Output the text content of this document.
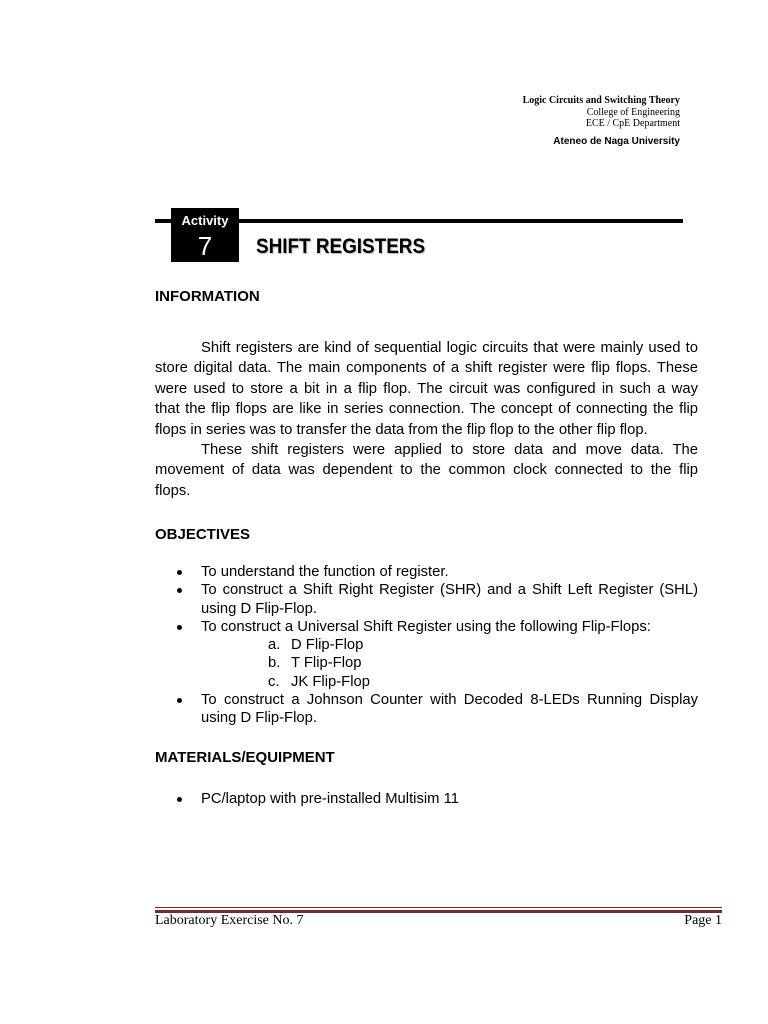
Logic Circuits and Switching Theory
College of Engineering
ECE / CpE Department
Ateneo de Naga University
Activity
7	SHIFT REGISTERS
INFORMATION
Shift registers are kind of sequential logic circuits that were mainly used to
store digital data. The main components of a shift register were flip flops. These
were used to store a bit in a flip flop. The circuit was configured in such a way
that the flip flops are like in series connection. The concept of connecting the flip
flops in series was to transfer the data from the flip flop to the other flip flop.
These shift registers were applied to store data and move data. The
movement of data was dependent to the common clock connected to the flip
flops.
OBJECTIVES
To understand the function of register.
To construct a Shift Right Register (SHR) and a Shift Left Register (SHL)
using D Flip-Flop.
To construct a Universal Shift Register using the following Flip-Flops:
a. D Flip-Flop
b. T Flip-Flop
c. JK Flip-Flop
To construct a Johnson Counter with Decoded 8-LEDs Running Display
using D Flip-Flop.
MATERIALS/EQUIPMENT
PC/laptop with pre-installed Multisim 11
Laboratory Exercise No. 7	Page 1
